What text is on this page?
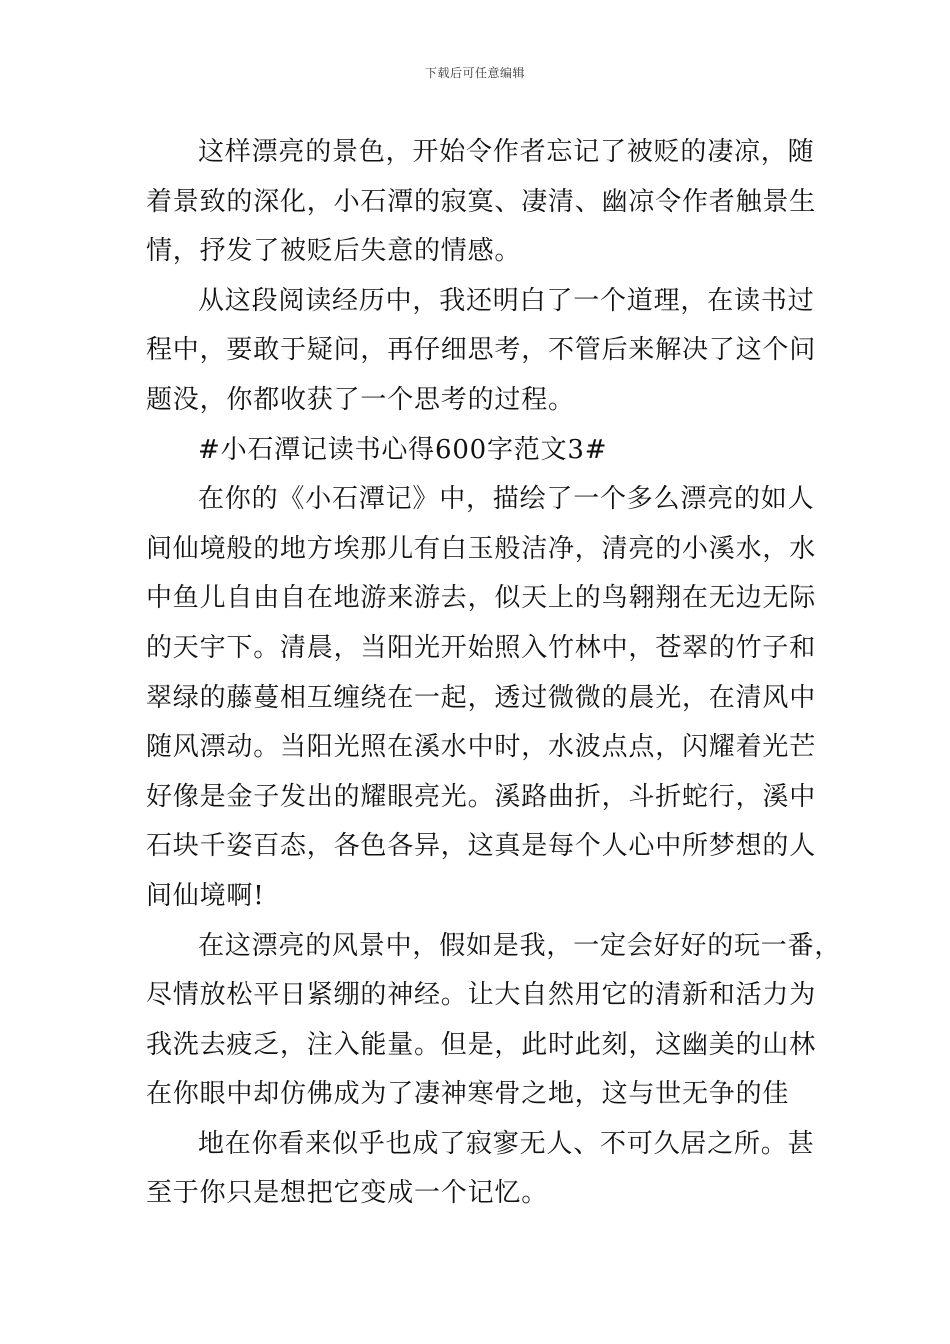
下载后可任意编辑
这样漂亮的景色，开始令作者忘记了被贬的凄凉，随
着景致的深化，小石潭的寂寞、凄清、幽凉令作者触景生
情，抒发了被贬后失意的情感。
从这段阅读经历中，我还明白了一个道理，在读书过
程中，要敢于疑问，再仔细思考，不管后来解决了这个问
题没，你都收获了一个思考的过程。
#小石潭记读书心得600字范文3#
在你的《小石潭记》中，描绘了一个多么漂亮的如人
间仙境般的地方埃那儿有白玉般洁净，清亮的小溪水，水
中鱼儿自由自在地游来游去，似天上的鸟翱翔在无边无际
的天宇下。清晨，当阳光开始照入竹林中，苍翠的竹子和
翠绿的藤蔓相互缠绕在一起，透过微微的晨光，在清风中
随风漂动。当阳光照在溪水中时，水波点点，闪耀着光芒
好像是金子发出的耀眼亮光。溪路曲折，斗折蛇行，溪中
石块千姿百态，各色各异，这真是每个人心中所梦想的人
间仙境啊!
在这漂亮的风景中，假如是我，一定会好好的玩一番，
尽情放松平日紧绷的神经。让大自然用它的清新和活力为
我洗去疲乏，注入能量。但是，此时此刻，这幽美的山林
在你眼中却仿佛成为了凄神寒骨之地，这与世无争的佳
地在你看来似乎也成了寂寥无人、不可久居之所。甚
至于你只是想把它变成一个记忆。
